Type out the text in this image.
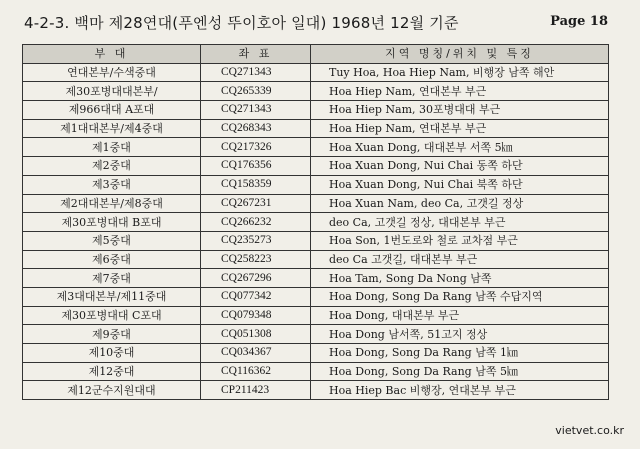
4-2-3. 백마 제28연대(푸엔성 뚜이호아 일대) 1968년 12월 기준	Page 18
부 대	좌 표	지역 명칭/위치 및 특징
연대본부/수색중대	CQ271343	Tuy Hoa, Hoa Hiep Nam, 비행장 남쪽 해안
제30포병대대본부/	CQ265339	Hoa Hiep Nam, 연대본부 부근
제966대대 A포대	CQ271343	Hoa Hiep Nam, 30포병대대 부근
제1대대본부/제4중대	CQ268343	Hoa Hiep Nam, 연대본부 부근
제1중대	CQ217326	Hoa Xuan Dong, 대대본부 서쪽 5㎞
제2중대	CQ176356	Hoa Xuan Dong, Nui Chai 동쪽 하단
제3중대	CQ158359	Hoa Xuan Dong, Nui Chai 북쪽 하단
제2대대본부/제8중대	CQ267231	Hoa Xuan Nam, deo Ca, 고갯길 정상
제30포병대대 B포대	CQ266232	deo Ca, 고갯길 정상, 대대본부 부근
제5중대	CQ235273	Hoa Son, 1번도로와 철로 교차점 부근
제6중대	CQ258223	deo Ca 고갯길, 대대본부 부근
제7중대	CQ267296	Hoa Tam, Song Da Nong 남쪽
제3대대본부/제11중대	CQ077342	Hoa Dong, Song Da Rang 남쪽 수답지역
제30포병대대 C포대	CQ079348	Hoa Dong, 대대본부 부근
제9중대	CQ051308	Hoa Dong 남서쪽, 51고지 정상
제10중대	CQ034367	Hoa Dong, Song Da Rang 남쪽 1㎞
제12중대	CQ116362	Hoa Dong, Song Da Rang 남쪽 5㎞
제12군수지원대대	CP211423	Hoa Hiep Bac 비행장, 연대본부 부근
vietvet.co.kr
